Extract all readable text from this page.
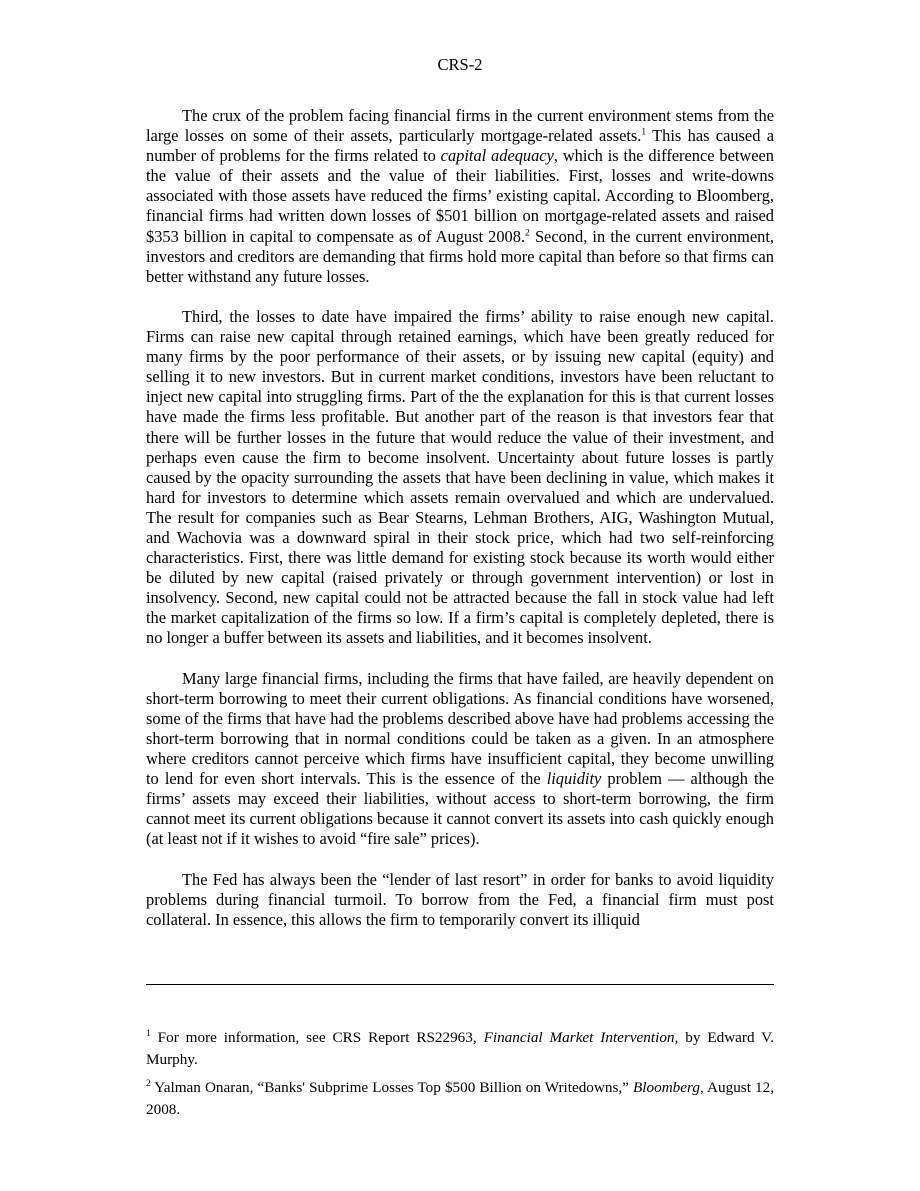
CRS-2

The crux of the problem facing financial firms in the current environment stems from the large losses on some of their assets, particularly mortgage-related assets.$^1$ This has caused a number of problems for the firms related to capital adequacy, which is the difference between the value of their assets and the value of their liabilities. First, losses and write-downs associated with those assets have reduced the firms’ existing capital. According to Bloomberg, financial firms had written down losses of $501 billion on mortgage-related assets and raised $353 billion in capital to compensate as of August 2008.$^2$ Second, in the current environment, investors and creditors are demanding that firms hold more capital than before so that firms can better withstand any future losses.

Third, the losses to date have impaired the firms’ ability to raise enough new capital. Firms can raise new capital through retained earnings, which have been greatly reduced for many firms by the poor performance of their assets, or by issuing new capital (equity) and selling it to new investors. But in current market conditions, investors have been reluctant to inject new capital into struggling firms. Part of the the explanation for this is that current losses have made the firms less profitable. But another part of the reason is that investors fear that there will be further losses in the future that would reduce the value of their investment, and perhaps even cause the firm to become insolvent. Uncertainty about future losses is partly caused by the opacity surrounding the assets that have been declining in value, which makes it hard for investors to determine which assets remain overvalued and which are undervalued. The result for companies such as Bear Stearns, Lehman Brothers, AIG, Washington Mutual, and Wachovia was a downward spiral in their stock price, which had two self-reinforcing characteristics. First, there was little demand for existing stock because its worth would either be diluted by new capital (raised privately or through government intervention) or lost in insolvency. Second, new capital could not be attracted because the fall in stock value had left the market capitalization of the firms so low. If a firm’s capital is completely depleted, there is no longer a buffer between its assets and liabilities, and it becomes insolvent.

Many large financial firms, including the firms that have failed, are heavily dependent on short-term borrowing to meet their current obligations. As financial conditions have worsened, some of the firms that have had the problems described above have had problems accessing the short-term borrowing that in normal conditions could be taken as a given. In an atmosphere where creditors cannot perceive which firms have insufficient capital, they become unwilling to lend for even short intervals. This is the essence of the liquidity problem — although the firms’ assets may exceed their liabilities, without access to short-term borrowing, the firm cannot meet its current obligations because it cannot convert its assets into cash quickly enough (at least not if it wishes to avoid “fire sale” prices).

The Fed has always been the “lender of last resort” in order for banks to avoid liquidity problems during financial turmoil. To borrow from the Fed, a financial firm must post collateral. In essence, this allows the firm to temporarily convert its illiquid

$^1$ For more information, see CRS Report RS22963, Financial Market Intervention, by Edward V. Murphy.

$^2$ Yalman Onaran, “Banks' Subprime Losses Top $500 Billion on Writedowns,” Bloomberg, August 12, 2008.
